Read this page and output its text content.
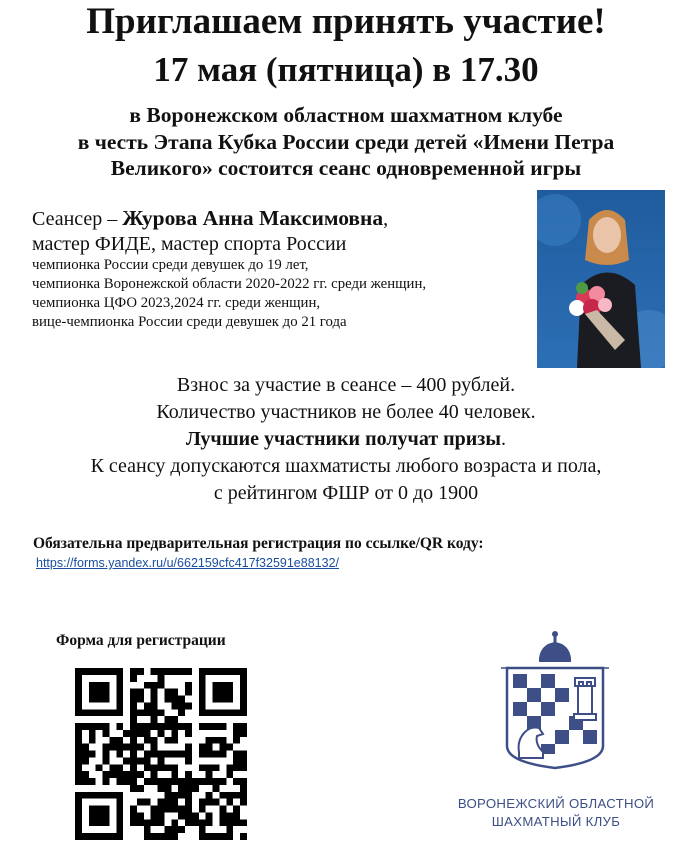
Приглашаем принять участие!
17 мая (пятница) в 17.30
в Воронежском областном шахматном клубе
в честь Этапа Кубка России среди детей «Имени Петра
Великого» состоится сеанс одновременной игры
Сеансер – Журова Анна Максимовна,
мастер ФИДЕ, мастер спорта России
чемпионка России среди девушек до 19 лет,
чемпионка Воронежской области 2020-2022 гг. среди женщин,
чемпионка ЦФО 2023,2024 гг. среди женщин,
вице-чемпионка России среди девушек до 21 года
Взнос за участие в сеансе – 400 рублей.
Количество участников не более 40 человек.
Лучшие участники получат призы.
К сеансу допускаются шахматисты любого возраста и пола,
с рейтингом ФШР от 0 до 1900
Обязательна предварительная регистрация по ссылке/QR коду:
https://forms.yandex.ru/u/662159cfc417f32591e88132/
Форма для регистрации
ВОРОНЕЖСКИЙ ОБЛАСТНОЙ
ШАХМАТНЫЙ КЛУБ
